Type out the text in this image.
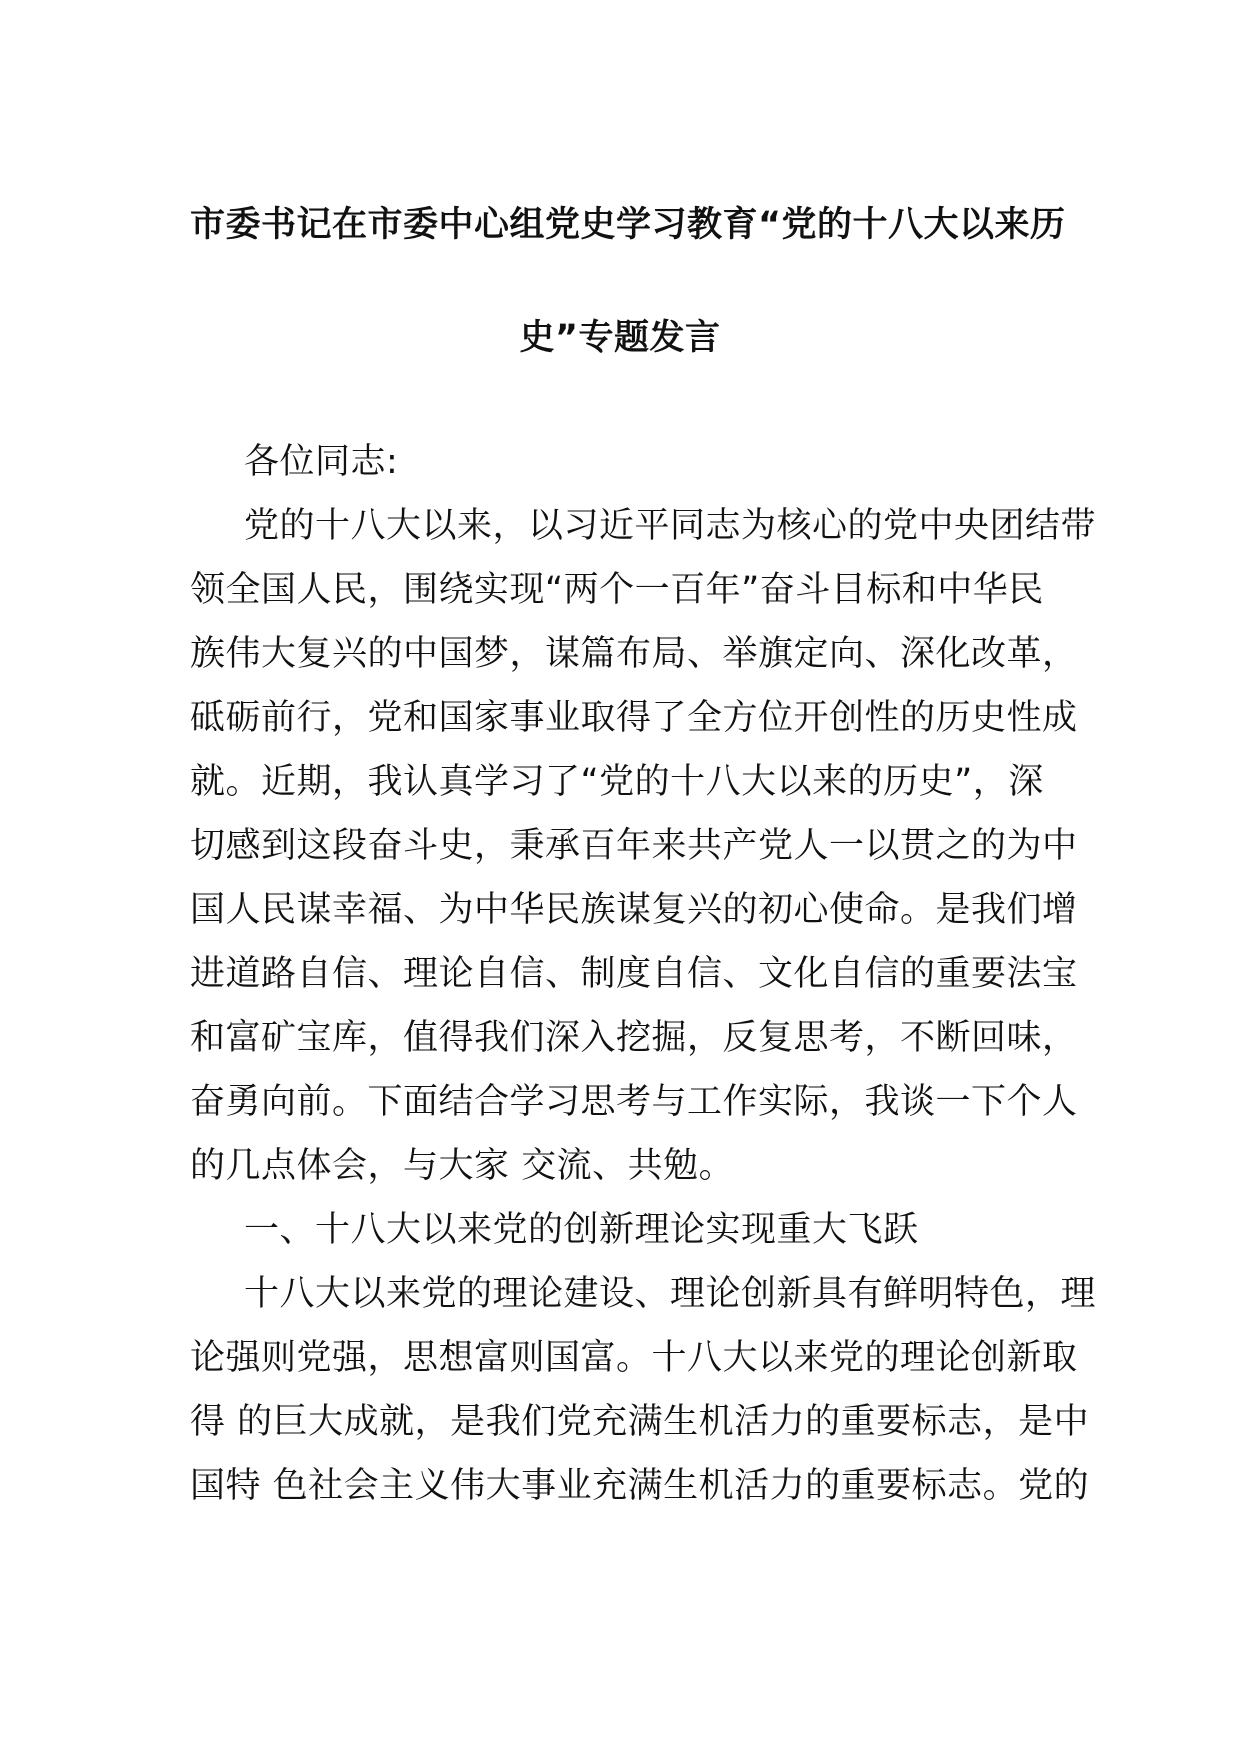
市委书记在市委中心组党史学习教育“党的十八大以来历
史”专题发言

各位同志:

党的十八大以来，以习近平同志为核心的党中央团结带
领全国人民，围绕实现“两个一百年”奋斗目标和中华民
族伟大复兴的中国梦，谋篇布局、举旗定向、深化改革，
砥砺前行，党和国家事业取得了全方位开创性的历史性成
就。近期，我认真学习了“党的十八大以来的历史”，深
切感到这段奋斗史，秉承百年来共产党人一以贯之的为中
国人民谋幸福、为中华民族谋复兴的初心使命。是我们增
进道路自信、理论自信、制度自信、文化自信的重要法宝
和富矿宝库，值得我们深入挖掘，反复思考，不断回味，
奋勇向前。下面结合学习思考与工作实际，我谈一下个人
的几点体会，与大家 交流、共勉。

一、十八大以来党的创新理论实现重大飞跃

十八大以来党的理论建设、理论创新具有鲜明特色，理
论强则党强，思想富则国富。十八大以来党的理论创新取
得 的巨大成就，是我们党充满生机活力的重要标志，是中
国特 色社会主义伟大事业充满生机活力的重要标志。党的
